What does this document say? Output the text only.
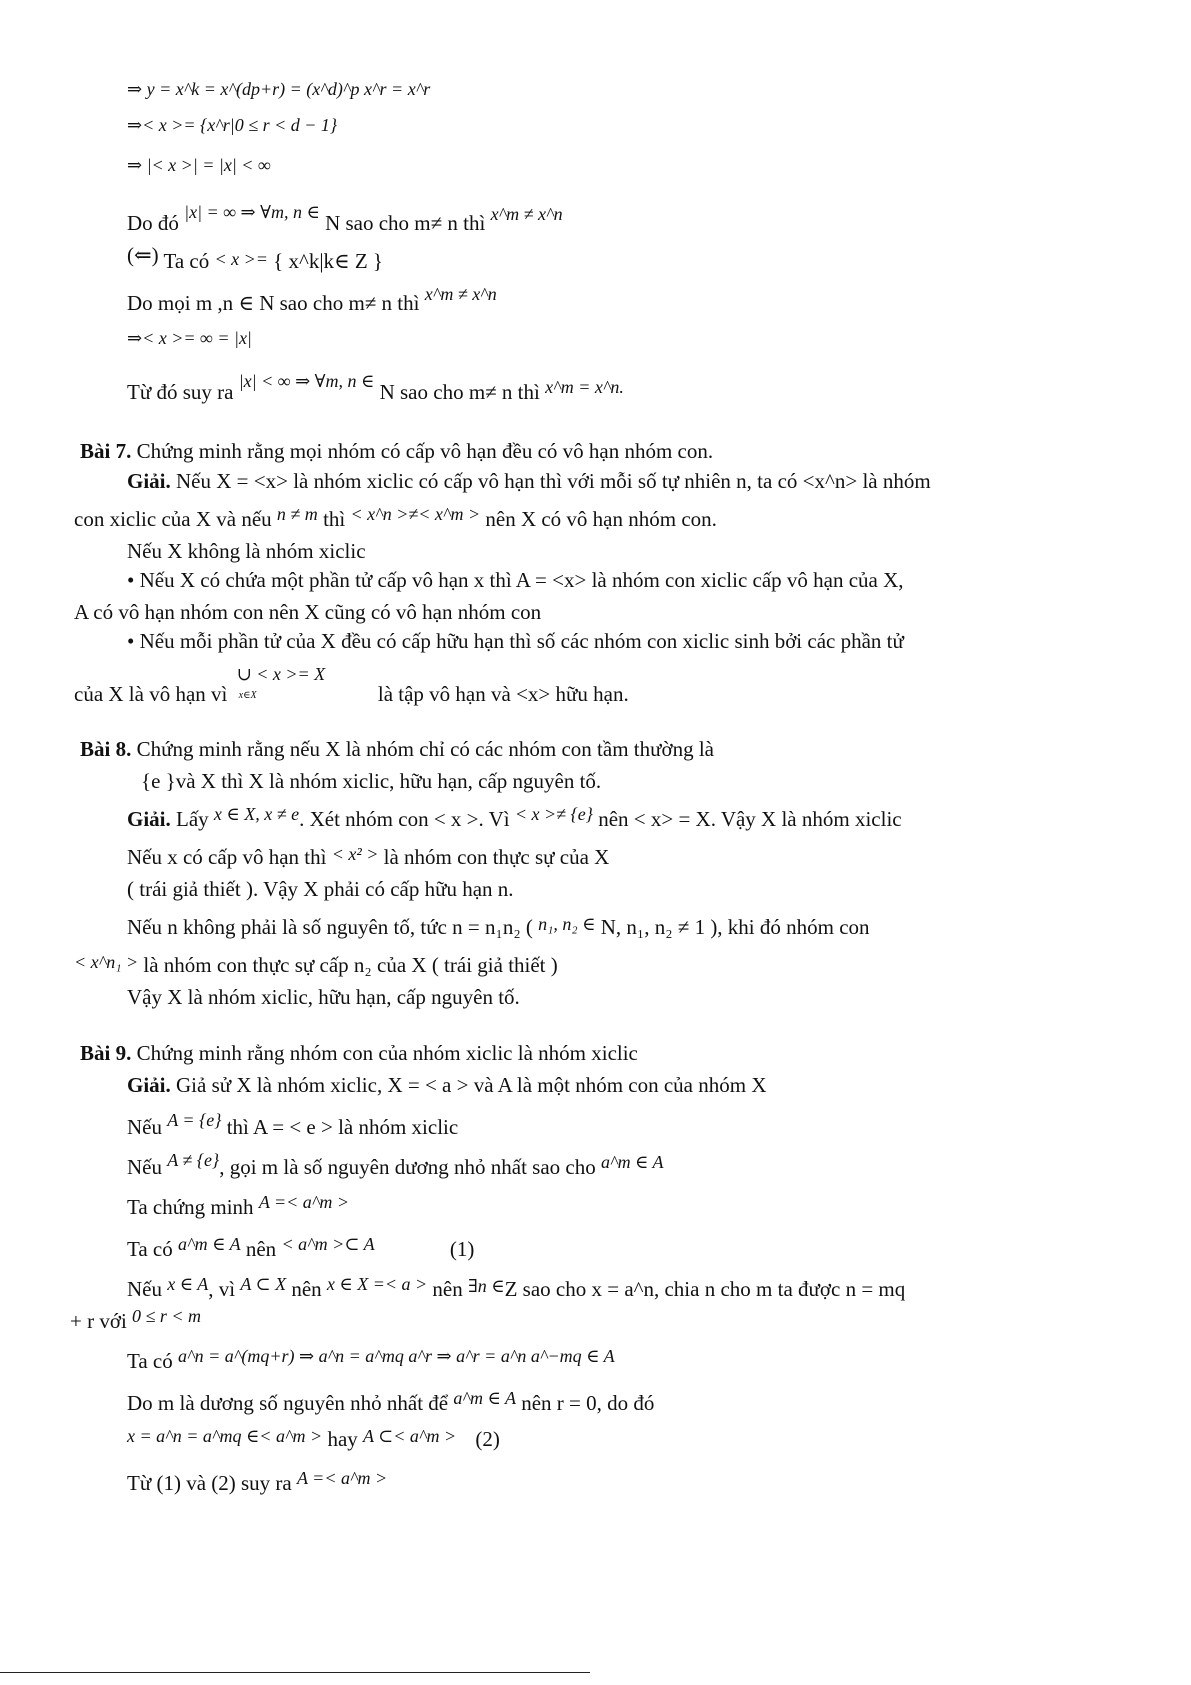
⇒ y = x^k = x^(dp+r) = (x^d)^p x^r = x^r
⇒< x >= {x^r|0 ≤ r < d − 1}
⇒ |< x >| = |x| < ∞
Do đó |x| = ∞ ⇒ ∀m, n ∈ N sao cho m≠ n thì x^m ≠ x^n
(⇐) Ta có < x >= { x^k|k∈ Z }
Do mọi m ,n ∈ N sao cho m≠ n thì x^m ≠ x^n
⇒< x >= ∞ = |x|
Từ đó suy ra |x| < ∞ ⇒ ∀m, n ∈ N sao cho m≠ n thì x^m = x^n.
Bài 7. Chứng minh rằng mọi nhóm có cấp vô hạn đều có vô hạn nhóm con.
Giải. Nếu X = <x> là nhóm xiclic có cấp vô hạn thì với mỗi số tự nhiên n, ta có <x^n> là nhóm
con xiclic của X và nếu n ≠ m thì < x^n >≠< x^m > nên X có vô hạn nhóm con.
Nếu X không là nhóm xiclic
• Nếu X có chứa một phần tử cấp vô hạn x thì A = <x> là nhóm con xiclic cấp vô hạn của X,
A có vô hạn nhóm con nên X cũng có vô hạn nhóm con
• Nếu mỗi phần tử của X đều có cấp hữu hạn thì số các nhóm con xiclic sinh bởi các phần tử
của X là vô hạn vì
∪ < x >= X
x∈X	là tập vô hạn và <x> hữu hạn.
Bài 8. Chứng minh rằng nếu X là nhóm chỉ có các nhóm con tầm thường là
{e }và X thì X là nhóm xiclic, hữu hạn, cấp nguyên tố.
Giải. Lấy x ∈ X, x ≠ e. Xét nhóm con < x >. Vì < x >≠ {e} nên < x> = X. Vậy X là nhóm xiclic
Nếu x có cấp vô hạn thì < x² > là nhóm con thực sự của X
( trái giả thiết ). Vậy X phải có cấp hữu hạn n.
Nếu n không phải là số nguyên tố, tức n = n₁n₂ ( n₁, n₂ ∈ N, n₁, n₂ ≠ 1 ), khi đó nhóm con
< x^n₁ > là nhóm con thực sự cấp n₂ của X ( trái giả thiết )
Vậy X là nhóm xiclic, hữu hạn, cấp nguyên tố.
Bài 9. Chứng minh rằng nhóm con của nhóm xiclic là nhóm xiclic
Giải. Giả sử X là nhóm xiclic, X = < a > và A là một nhóm con của nhóm X
Nếu A = {e} thì A = < e > là nhóm xiclic
Nếu A ≠ {e}, gọi m là số nguyên dương nhỏ nhất sao cho a^m ∈ A
Ta chứng minh A =< a^m >
Ta có a^m ∈ A nên < a^m >⊂ A	(1)
Nếu x ∈ A, vì A ⊂ X nên x ∈ X =< a > nên ∃n ∈Z sao cho x = a^n, chia n cho m ta được n = mq
+ r với 0 ≤ r < m
Ta có a^n = a^(mq+r) ⇒ a^n = a^mq a^r ⇒ a^r = a^n a^−mq ∈ A
Do m là dương số nguyên nhỏ nhất để a^m ∈ A nên r = 0, do đó
x = a^n = a^mq ∈< a^m > hay A ⊂< a^m > (2)
Từ (1) và (2) suy ra A =< a^m >
